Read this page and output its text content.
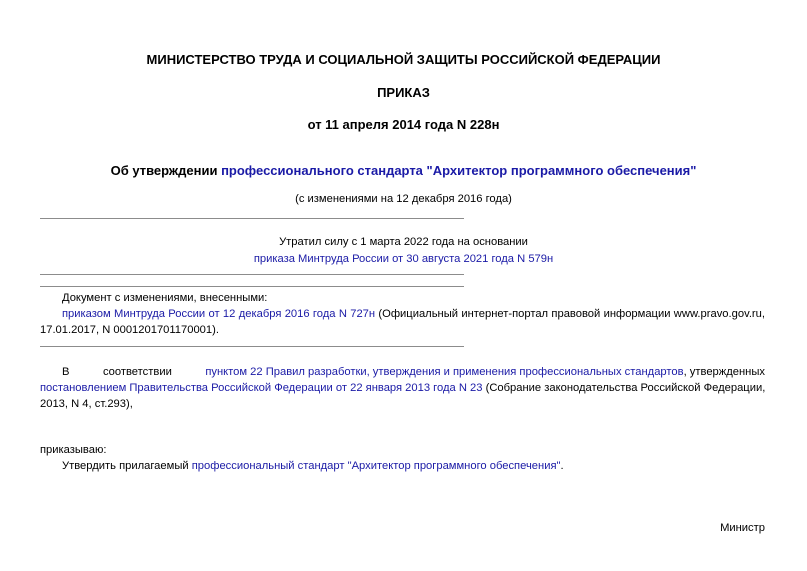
МИНИСТЕРСТВО ТРУДА И СОЦИАЛЬНОЙ ЗАЩИТЫ РОССИЙСКОЙ ФЕДЕРАЦИИ
ПРИКАЗ
от 11 апреля 2014 года N 228н
Об утверждении профессионального стандарта "Архитектор программного обеспечения"
(с изменениями на 12 декабря 2016 года)
Утратил силу с 1 марта 2022 года на основании
приказа Минтруда России от 30 августа 2021 года N 579н
Документ с изменениями, внесенными:
приказом Минтруда России от 12 декабря 2016 года N 727н (Официальный интернет-портал правовой информации www.pravo.gov.ru,
17.01.2017, N 0001201701170001).
В	соответствии	пунктом 22 Правил разработки, утверждения и применения профессиональных стандартов, утвержденных
постановлением Правительства Российской Федерации от 22 января 2013 года N 23 (Собрание законодательства Российской Федерации,
2013, N 4, ст.293),
приказываю:
Утвердить прилагаемый профессиональный стандарт "Архитектор программного обеспечения".
Министр
